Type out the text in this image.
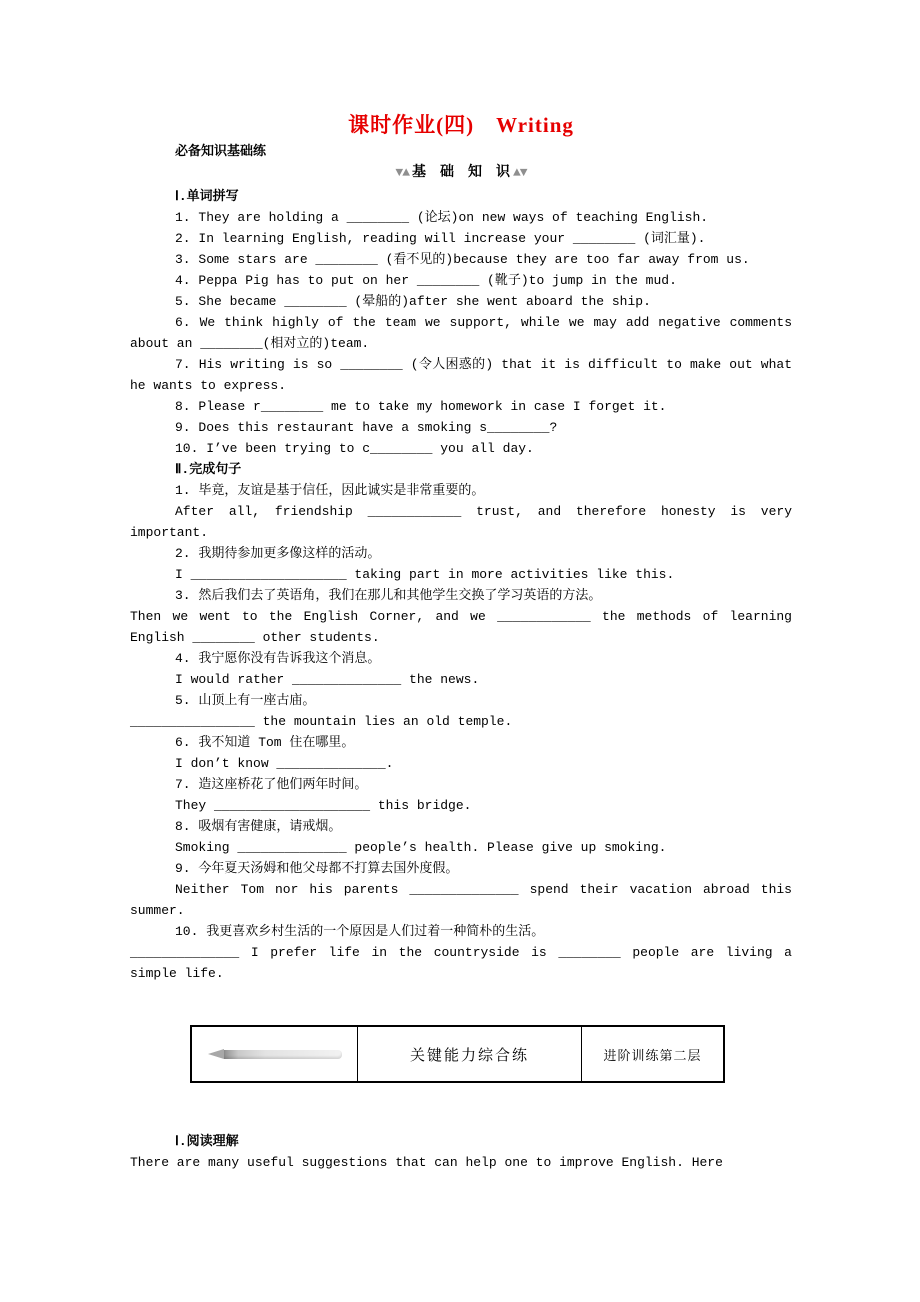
课时作业(四)　Writing
必备知识基础练
▼▲ 基　础　知　识 ▲▼
Ⅰ.单词拼写

1. They are holding a ________ (论坛)on new ways of teaching English.

2. In learning English, reading will increase your ________ (词汇量).

3. Some stars are ________ (看不见的)because they are too far away from us.

4. Peppa Pig has to put on her ________ (靴子)to jump in the mud.

5. She became ________ (晕船的)after she went aboard the ship.

6. We think highly of the team we support, while we may add negative comments about an ________(相对立的)team.

7. His writing is so ________ (令人困惑的) that it is difficult to make out what he wants to express.

8. Please r________ me to take my homework in case I forget it.

9. Does this restaurant have a smoking s________?

10. I’ve been trying to c________ you all day.

Ⅱ.完成句子

1. 毕竟，友谊是基于信任，因此诚实是非常重要的。

After all, friendship ____________ trust, and therefore honesty is very important.

2. 我期待参加更多像这样的活动。

I ____________________ taking part in more activities like this.

3. 然后我们去了英语角，我们在那儿和其他学生交换了学习英语的方法。

Then we went to the English Corner, and we ____________ the methods of learning English ________ other students.

4. 我宁愿你没有告诉我这个消息。

I would rather ______________ the news.

5. 山顶上有一座古庙。

________________ the mountain lies an old temple.

6. 我不知道 Tom 住在哪里。

I don’t know ______________.

7. 造这座桥花了他们两年时间。

They ____________________ this bridge.

8. 吸烟有害健康，请戒烟。

Smoking ______________ people’s health. Please give up smoking.

9. 今年夏天汤姆和他父母都不打算去国外度假。

Neither Tom nor his parents ______________ spend their vacation abroad this summer.

10. 我更喜欢乡村生活的一个原因是人们过着一种简朴的生活。

______________ I prefer life in the countryside is ________ people are living a simple life.

关键能力综合练	进阶训练第二层
Ⅰ.阅读理解

There are many useful suggestions that can help one to improve English. Here
